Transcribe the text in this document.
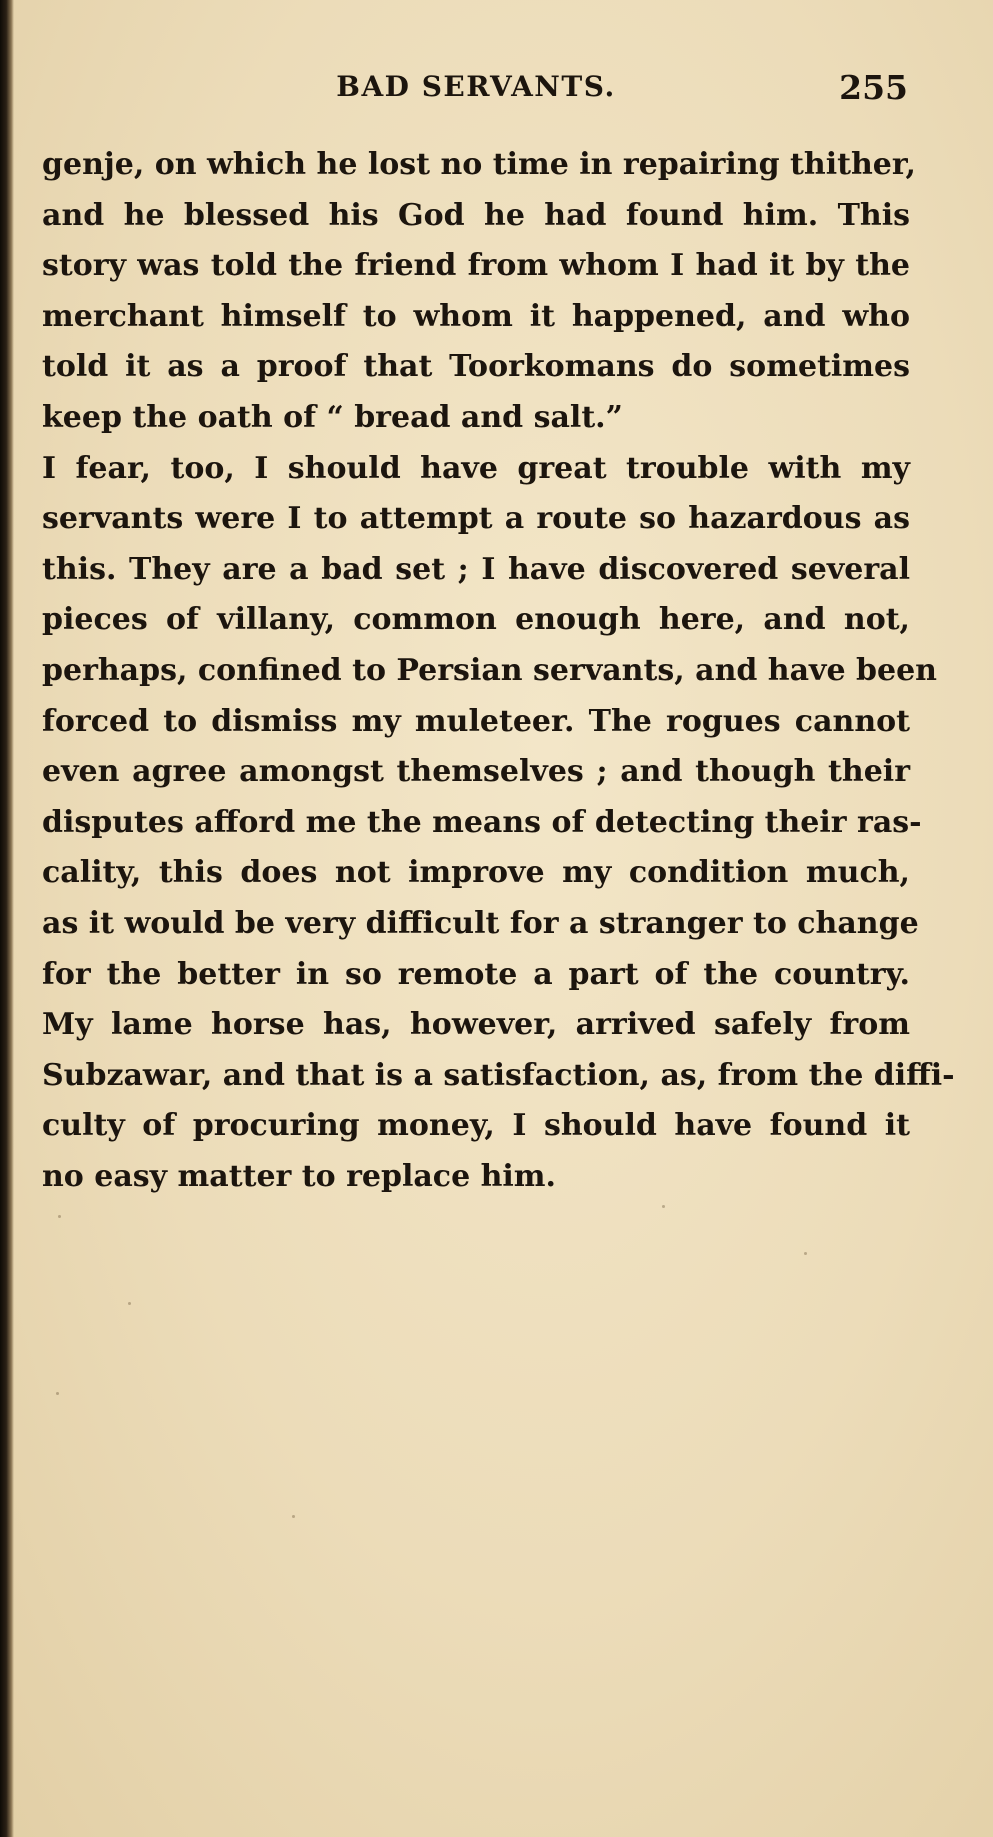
BAD SERVANTS.	255
genje, on which he lost no time in repairing thither,
and he blessed his God he had found him. This
story was told the friend from whom I had it by the
merchant himself to whom it happened, and who
told it as a proof that Toorkomans do sometimes
keep the oath of “ bread and salt.”
I fear, too, I should have great trouble with my
servants were I to attempt a route so hazardous as
this. They are a bad set ; I have discovered several
pieces of villany, common enough here, and not,
perhaps, confined to Persian servants, and have been
forced to dismiss my muleteer. The rogues cannot
even agree amongst themselves ; and though their
disputes afford me the means of detecting their ras-
cality, this does not improve my condition much,
as it would be very difficult for a stranger to change
for the better in so remote a part of the country.
My lame horse has, however, arrived safely from
Subzawar, and that is a satisfaction, as, from the diffi-
culty of procuring money, I should have found it
no easy matter to replace him.
